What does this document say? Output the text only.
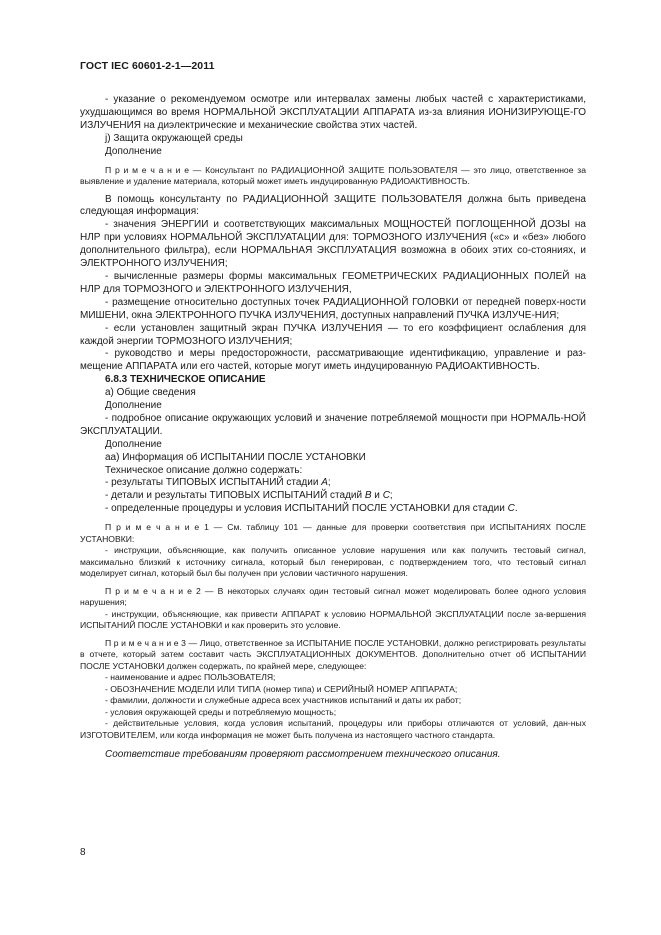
ГОСТ IEC 60601-2-1—2011

- указание о рекомендуемом осмотре или интервалах замены любых частей с характеристиками, ухудшающимся во время НОРМАЛЬНОЙ ЭКСПЛУАТАЦИИ АППАРАТА из-за влияния ИОНИЗИРУЮЩЕ-ГО ИЗЛУЧЕНИЯ на диэлектрические и механические свойства этих частей.

j) Защита окружающей среды

Дополнение

П р и м е ч а н и е — Консультант по РАДИАЦИОННОЙ ЗАЩИТЕ ПОЛЬЗОВАТЕЛЯ — это лицо, ответственное за выявление и удаление материала, который может иметь индуцированную РАДИОАКТИВНОСТЬ.

В помощь консультанту по РАДИАЦИОННОЙ ЗАЩИТЕ ПОЛЬЗОВАТЕЛЯ должна быть приведена следующая информация:

- значения ЭНЕРГИИ и соответствующих максимальных МОЩНОСТЕЙ ПОГЛОЩЕННОЙ ДОЗЫ на НЛР при условиях НОРМАЛЬНОЙ ЭКСПЛУАТАЦИИ для: ТОРМОЗНОГО ИЗЛУЧЕНИЯ («с» и «без» любого дополнительного фильтра), если НОРМАЛЬНАЯ ЭКСПЛУАТАЦИЯ возможна в обоих этих со-стояниях, и ЭЛЕКТРОННОГО ИЗЛУЧЕНИЯ;

- вычисленные размеры формы максимальных ГЕОМЕТРИЧЕСКИХ РАДИАЦИОННЫХ ПОЛЕЙ на НЛР для ТОРМОЗНОГО и ЭЛЕКТРОННОГО ИЗЛУЧЕНИЯ,

- размещение относительно доступных точек РАДИАЦИОННОЙ ГОЛОВКИ от передней поверх-ности МИШЕНИ, окна ЭЛЕКТРОННОГО ПУЧКА ИЗЛУЧЕНИЯ, доступных направлений ПУЧКА ИЗЛУЧЕ-НИЯ;

- если установлен защитный экран ПУЧКА ИЗЛУЧЕНИЯ — то его коэффициент ослабления для каждой энергии ТОРМОЗНОГО ИЗЛУЧЕНИЯ;

- руководство и меры предосторожности, рассматривающие идентификацию, управление и раз-мещение АППАРАТА или его частей, которые могут иметь индуцированную РАДИОАКТИВНОСТЬ.

6.8.3 ТЕХНИЧЕСКОЕ ОПИСАНИЕ

a) Общие сведения

Дополнение

- подробное описание окружающих условий и значение потребляемой мощности при НОРМАЛЬ-НОЙ ЭКСПЛУАТАЦИИ.

Дополнение

aa) Информация об ИСПЫТАНИИ ПОСЛЕ УСТАНОВКИ

Техническое описание должно содержать:

- результаты ТИПОВЫХ ИСПЫТАНИЙ стадии A;

- детали и результаты ТИПОВЫХ ИСПЫТАНИЙ стадий B и C;

- определенные процедуры и условия ИСПЫТАНИЙ ПОСЛЕ УСТАНОВКИ для стадии C.

П р и м е ч а н и е 1 — См. таблицу 101 — данные для проверки соответствия при ИСПЫТАНИЯХ ПОСЛЕ УСТАНОВКИ:

- инструкции, объясняющие, как получить описанное условие нарушения или как получить тестовый сигнал, максимально близкий к источнику сигнала, который был генерирован, с подтверждением того, что тестовый сигнал моделирует сигнал, который был бы получен при условии частичного нарушения.

П р и м е ч а н и е 2 — В некоторых случаях один тестовый сигнал может моделировать более одного условия нарушения;

- инструкции, объясняющие, как привести АППАРАТ к условию НОРМАЛЬНОЙ ЭКСПЛУАТАЦИИ после за-вершения ИСПЫТАНИЙ ПОСЛЕ УСТАНОВКИ и как проверить это условие.

П р и м е ч а н и е 3 — Лицо, ответственное за ИСПЫТАНИЕ ПОСЛЕ УСТАНОВКИ, должно регистрировать результаты в отчете, который затем составит часть ЭКСПЛУАТАЦИОННЫХ ДОКУМЕНТОВ. Дополнительно отчет об ИСПЫТАНИИ ПОСЛЕ УСТАНОВКИ должен содержать, по крайней мере, следующее:

- наименование и адрес ПОЛЬЗОВАТЕЛЯ;

- ОБОЗНАЧЕНИЕ МОДЕЛИ ИЛИ ТИПА (номер типа) и СЕРИЙНЫЙ НОМЕР АППАРАТА;

- фамилии, должности и служебные адреса всех участников испытаний и даты их работ;

- условия окружающей среды и потребляемую мощность;

- действительные условия, когда условия испытаний, процедуры или приборы отличаются от условий, дан-ных ИЗГОТОВИТЕЛЕМ, или когда информация не может быть получена из настоящего частного стандарта.

Соответствие требованиям проверяют рассмотрением технического описания.

8
